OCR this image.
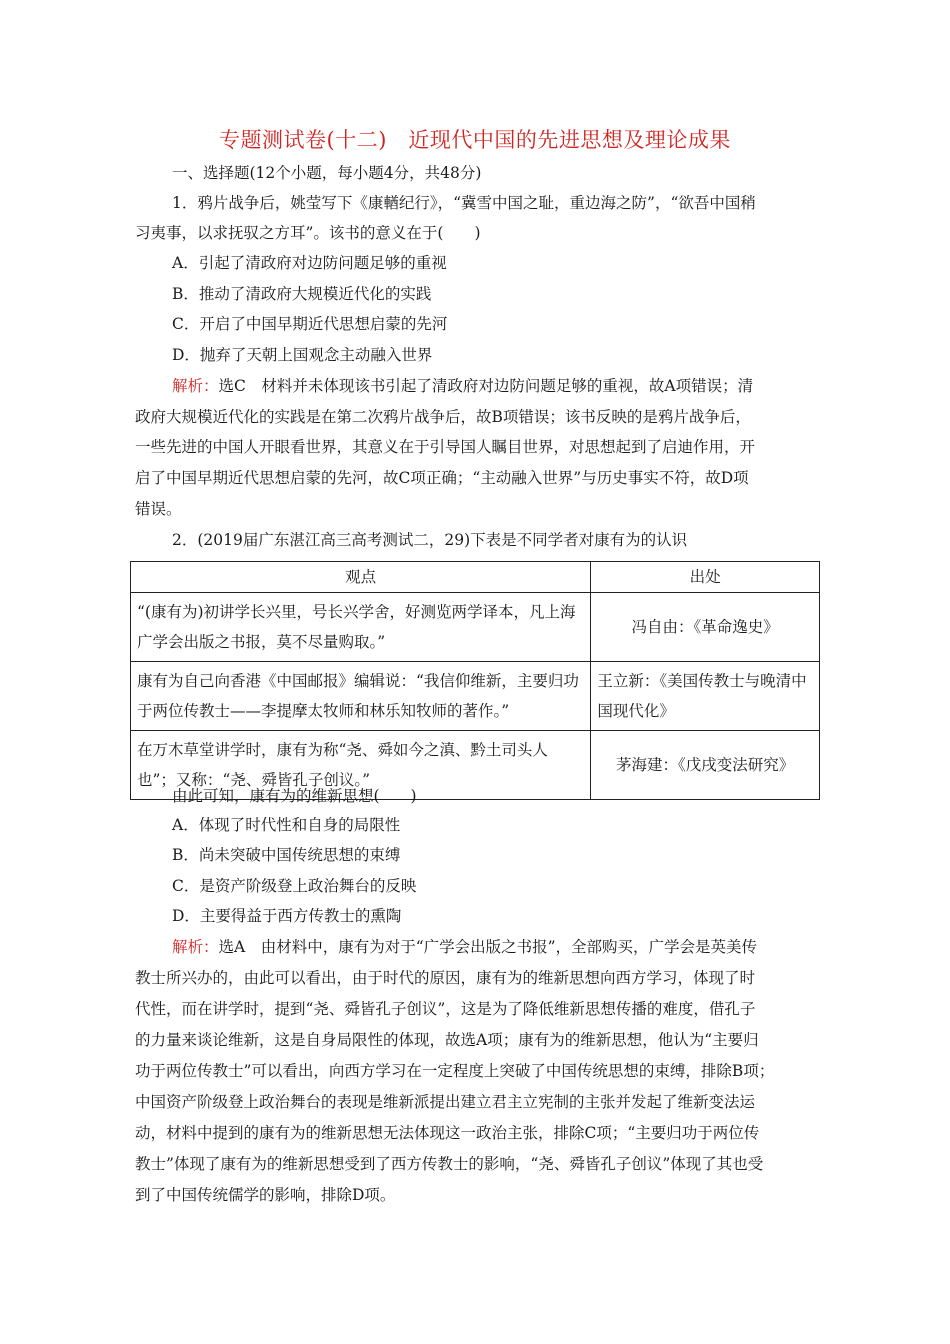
专题测试卷(十二)　近现代中国的先进思想及理论成果
一、选择题(12个小题，每小题4分，共48分)
1．鸦片战争后，姚莹写下《康輶纪行》，“冀雪中国之耻，重边海之防”，“欲吾中国稍
习夷事，以求抚驭之方耳”。该书的意义在于(　　)
A．引起了清政府对边防问题足够的重视
B．推动了清政府大规模近代化的实践
C．开启了中国早期近代思想启蒙的先河
D．抛弃了天朝上国观念主动融入世界
解析：选C　材料并未体现该书引起了清政府对边防问题足够的重视，故A项错误；清
政府大规模近代化的实践是在第二次鸦片战争后，故B项错误；该书反映的是鸦片战争后，
一些先进的中国人开眼看世界，其意义在于引导国人瞩目世界，对思想起到了启迪作用，开
启了中国早期近代思想启蒙的先河，故C项正确；“主动融入世界”与历史事实不符，故D项
错误。
2．(2019届广东湛江高三高考测试二，29)下表是不同学者对康有为的认识
观点	出处
“(康有为)初讲学长兴里，号长兴学舍，好测览两学译本，凡上海广学会出版之书报，莫不尽量购取。”	冯自由：《革命逸史》
康有为自己向香港《中国邮报》编辑说：“我信仰维新，主要归功于两位传教士——李提摩太牧师和林乐知牧师的著作。”	王立新：《美国传教士与晚清中国现代化》
在万木草堂讲学时，康有为称“尧、舜如今之滇、黔土司头人也”；又称：“尧、舜皆孔子创议。”	茅海建：《戊戌变法研究》
由此可知，康有为的维新思想(　　)
A．体现了时代性和自身的局限性
B．尚未突破中国传统思想的束缚
C．是资产阶级登上政治舞台的反映
D．主要得益于西方传教士的熏陶
解析：选A　由材料中，康有为对于“广学会出版之书报”，全部购买，广学会是英美传
教士所兴办的，由此可以看出，由于时代的原因，康有为的维新思想向西方学习，体现了时
代性，而在讲学时，提到“尧、舜皆孔子创议”，这是为了降低维新思想传播的难度，借孔子
的力量来谈论维新，这是自身局限性的体现，故选A项；康有为的维新思想，他认为“主要归
功于两位传教士”可以看出，向西方学习在一定程度上突破了中国传统思想的束缚，排除B项；
中国资产阶级登上政治舞台的表现是维新派提出建立君主立宪制的主张并发起了维新变法运
动，材料中提到的康有为的维新思想无法体现这一政治主张，排除C项；“主要归功于两位传
教士”体现了康有为的维新思想受到了西方传教士的影响，“尧、舜皆孔子创议”体现了其也受
到了中国传统儒学的影响，排除D项。
